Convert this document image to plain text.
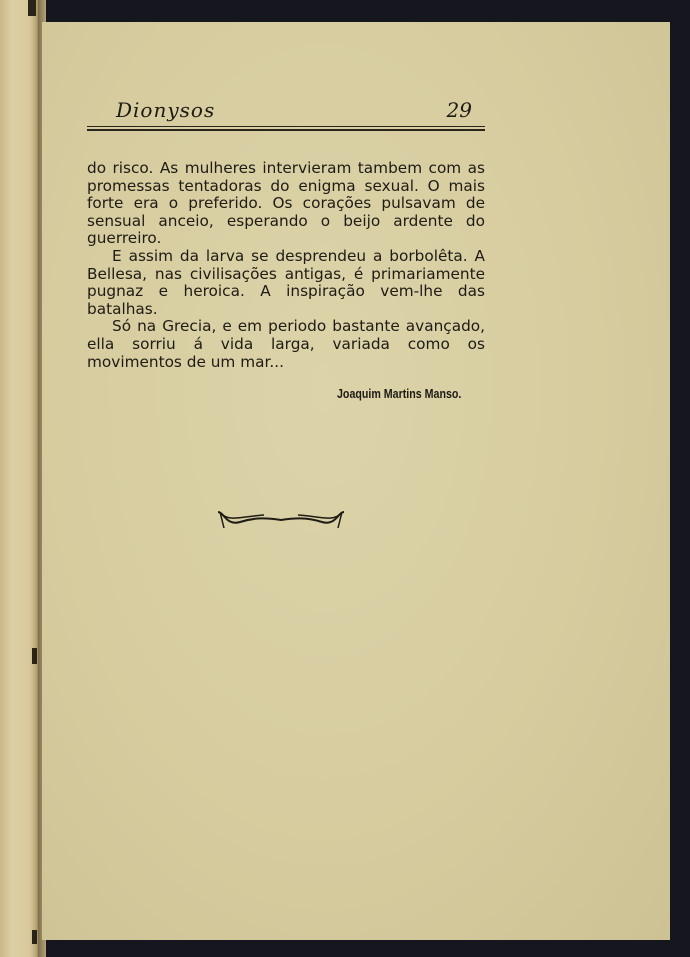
Dionysos	29

do risco. As mulheres intervieram tambem com as promessas tentadoras do enigma sexual. O mais forte era o preferido. Os corações pulsavam de sensual anceio, esperando o beijo ardente do guerreiro.

E assim da larva se desprendeu a borbolêta. A Bellesa, nas civilisações antigas, é primariamente pugnaz e heroica. A inspiração vem-lhe das batalhas.

Só na Grecia, e em periodo bastante avançado, ella sorriu á vida larga, variada como os movimentos de um mar...

Joaquim Martins Manso.
